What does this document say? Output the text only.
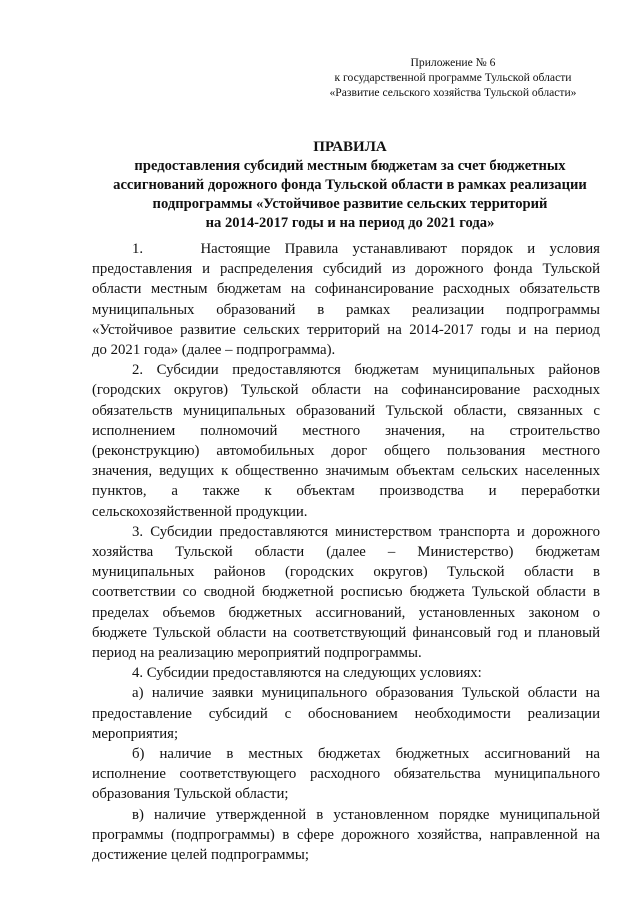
Приложение № 6
к государственной программе Тульской области
«Развитие сельского хозяйства Тульской области»
ПРАВИЛА
предоставления субсидий местным бюджетам за счет бюджетных
ассигнований дорожного фонда Тульской области в рамках реализации
подпрограммы «Устойчивое развитие сельских территорий
на 2014-2017 годы и на период до 2021 года»
1.    Настоящие Правила устанавливают порядок и условия
предоставления и распределения субсидий из дорожного фонда Тульской
области местным бюджетам на софинансирование расходных обязательств
муниципальных образований в рамках реализации подпрограммы
«Устойчивое развитие сельских территорий на 2014-2017 годы и на период
до 2021 года» (далее – подпрограмма).
2. Субсидии предоставляются бюджетам муниципальных районов
(городских округов) Тульской области на софинансирование расходных
обязательств муниципальных образований Тульской области, связанных с
исполнением полномочий местного значения, на строительство
(реконструкцию) автомобильных дорог общего пользования местного
значения, ведущих к общественно значимым объектам сельских населенных
пунктов, а также к объектам производства и переработки
сельскохозяйственной продукции.
3. Субсидии предоставляются министерством транспорта и дорожного
хозяйства Тульской области (далее – Министерство) бюджетам
муниципальных районов (городских округов) Тульской области в
соответствии со сводной бюджетной росписью бюджета Тульской области в
пределах объемов бюджетных ассигнований, установленных законом о
бюджете Тульской области на соответствующий финансовый год и плановый
период на реализацию мероприятий подпрограммы.
4. Субсидии предоставляются на следующих условиях:
а) наличие заявки муниципального образования Тульской области на
предоставление субсидий с обоснованием необходимости реализации
мероприятия;
б) наличие в местных бюджетах бюджетных ассигнований на
исполнение соответствующего расходного обязательства муниципального
образования Тульской области;
в) наличие утвержденной в установленном порядке муниципальной
программы (подпрограммы) в сфере дорожного хозяйства, направленной на
достижение целей подпрограммы;
